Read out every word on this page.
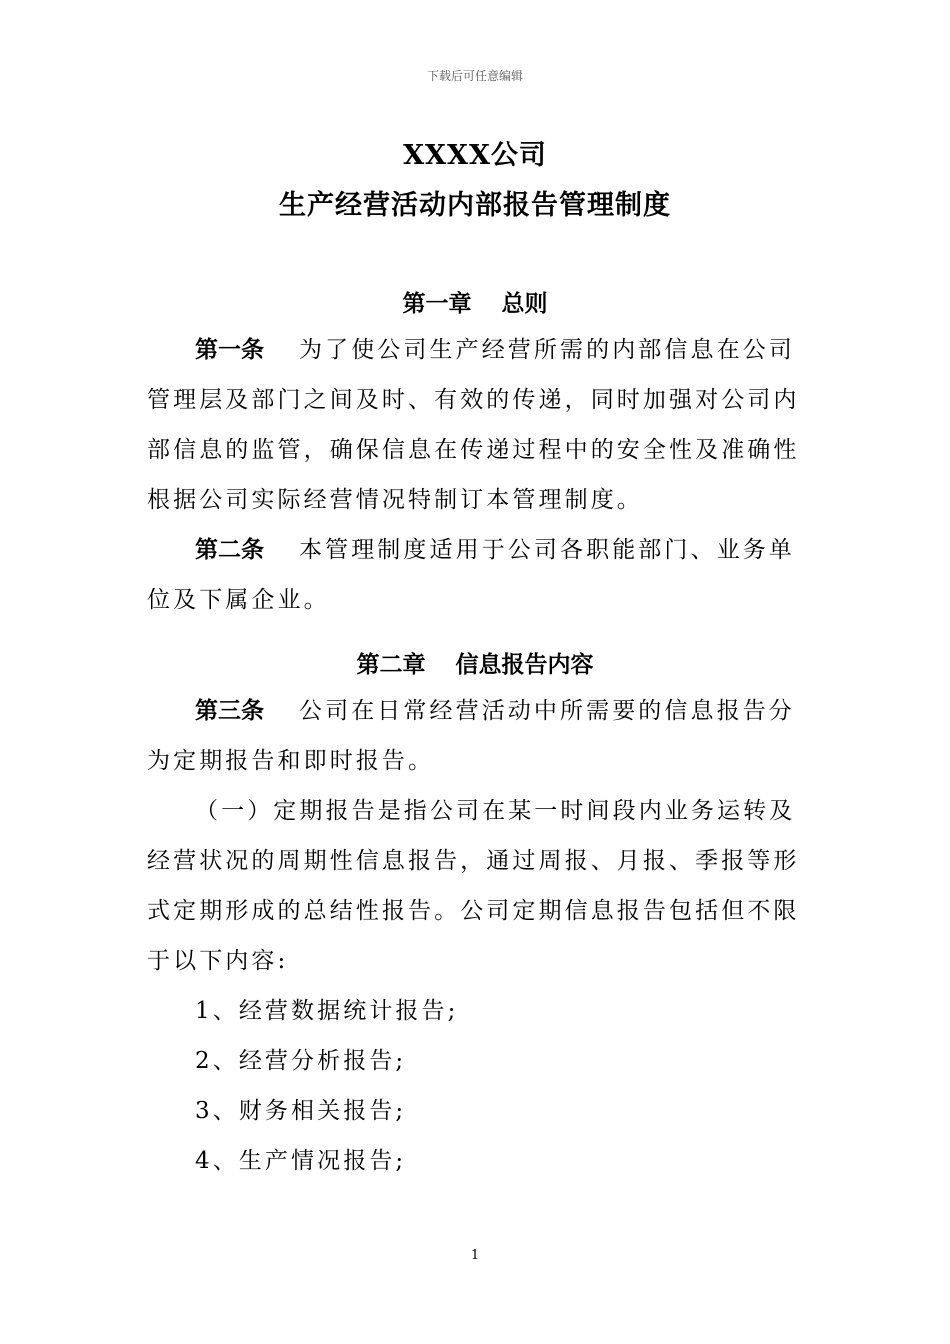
下载后可任意编辑
XXXX公司
生产经营活动内部报告管理制度
第一章 总则
第一条 为了使公司生产经营所需的内部信息在公司
管理层及部门之间及时、有效的传递，同时加强对公司内
部信息的监管，确保信息在传递过程中的安全性及准确性
根据公司实际经营情况特制订本管理制度。
第二条 本管理制度适用于公司各职能部门、业务单
位及下属企业。
第二章 信息报告内容
第三条 公司在日常经营活动中所需要的信息报告分
为定期报告和即时报告。
（一）定期报告是指公司在某一时间段内业务运转及
经营状况的周期性信息报告，通过周报、月报、季报等形
式定期形成的总结性报告。公司定期信息报告包括但不限
于以下内容:
1、经营数据统计报告;
2、经营分析报告;
3、财务相关报告;
4、生产情况报告;
1
